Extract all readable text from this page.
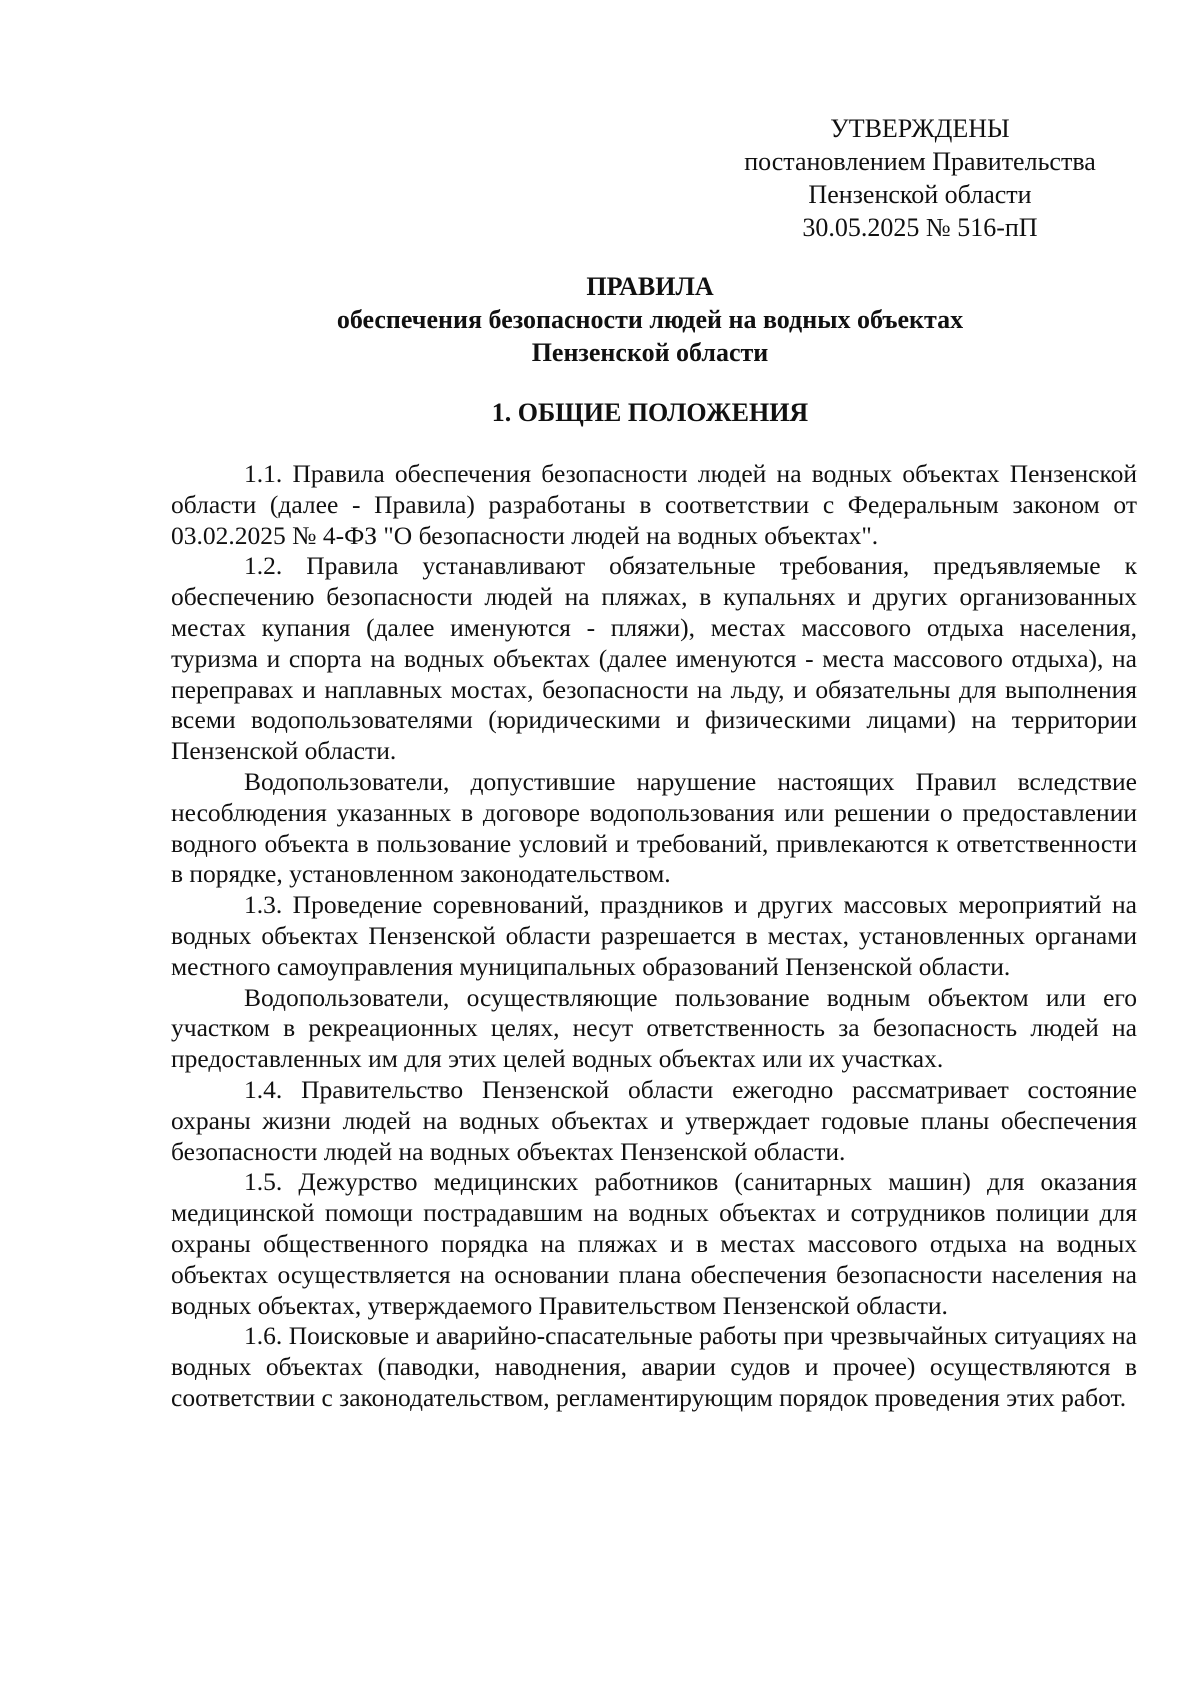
УТВЕРЖДЕНЫ
постановлением Правительства
Пензенской области
30.05.2025 № 516-пП
ПРАВИЛА
обеспечения безопасности людей на водных объектах
Пензенской области
1. ОБЩИЕ ПОЛОЖЕНИЯ

1.1. Правила обеспечения безопасности людей на водных объектах Пензенской области (далее - Правила) разработаны в соответствии с Федеральным законом от 03.02.2025 № 4-ФЗ "О безопасности людей на водных объектах".

1.2. Правила устанавливают обязательные требования, предъявляемые к обеспечению безопасности людей на пляжах, в купальнях и других организованных местах купания (далее именуются - пляжи), местах массового отдыха населения, туризма и спорта на водных объектах (далее именуются - места массового отдыха), на переправах и наплавных мостах, безопасности на льду, и обязательны для выполнения всеми водопользователями (юридическими и физическими лицами) на территории Пензенской области.

Водопользователи, допустившие нарушение настоящих Правил вследствие несоблюдения указанных в договоре водопользования или решении о предоставлении водного объекта в пользование условий и требований, привлекаются к ответственности в порядке, установленном законодательством.

1.3. Проведение соревнований, праздников и других массовых мероприятий на водных объектах Пензенской области разрешается в местах, установленных органами местного самоуправления муниципальных образований Пензенской области.

Водопользователи, осуществляющие пользование водным объектом или его участком в рекреационных целях, несут ответственность за безопасность людей на предоставленных им для этих целей водных объектах или их участках.

1.4. Правительство Пензенской области ежегодно рассматривает состояние охраны жизни людей на водных объектах и утверждает годовые планы обеспечения безопасности людей на водных объектах Пензенской области.

1.5. Дежурство медицинских работников (санитарных машин) для оказания медицинской помощи пострадавшим на водных объектах и сотрудников полиции для охраны общественного порядка на пляжах и в местах массового отдыха на водных объектах осуществляется на основании плана обеспечения безопасности населения на водных объектах, утверждаемого Правительством Пензенской области.

1.6. Поисковые и аварийно-спасательные работы при чрезвычайных ситуациях на водных объектах (паводки, наводнения, аварии судов и прочее) осуществляются в соответствии с законодательством, регламентирующим порядок проведения этих работ.
